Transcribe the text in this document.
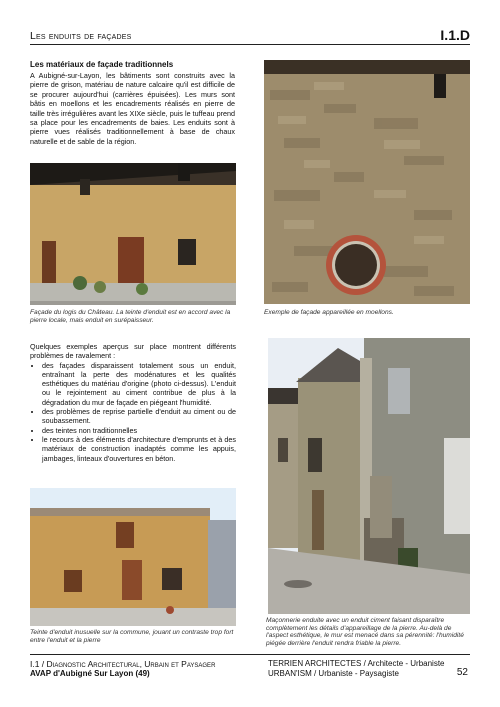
Les enduits de façades	I.1.D
Les matériaux de façade traditionnels
A Aubigné-sur-Layon, les bâtiments sont construits avec la pierre de grison, matériau de nature calcaire qu'il est difficile de se procurer aujourd'hui (carrières épuisées). Les murs sont bâtis en moellons et les encadrements réalisés en pierre de taille très irrégulières avant les XIXe siècle, puis le tuffeau prend sa place pour les encadrements de baies. Les enduits sont à pierre vues réalisés traditionnellement à base de chaux naturelle et de sable de la région.
Façade du logis du Château. La teinte d'enduit est en accord avec la pierre locale, mais enduit en surépaisseur.
Exemple de façade appareillée en moellons.
Quelques exemples aperçus sur place montrent différents problèmes de ravalement :
• des façades disparaissent totalement sous un enduit, entraînant la perte des modénatures et les qualités esthétiques du matériau d'origine (photo ci-dessus). L'enduit ou le rejointement au ciment contribue de plus à la dégradation du mur de façade en piégeant l'humidité.
• des problèmes de reprise partielle d'enduit au ciment ou de soubassement.
• des teintes non traditionnelles
• le recours à des éléments d'architecture d'emprunts et à des matériaux de construction inadaptés comme les appuis, jambages, linteaux d'ouvertures en béton.
Teinte d'enduit inusuelle sur la commune, jouant un contraste trop fort entre l'enduit et la pierre
Maçonnerie enduite avec un enduit ciment faisant disparaître complètement les détails d'appareillage de la pierre. Au-delà de l'aspect esthétique, le mur est menacé dans sa pérennité: l'humidité piégée derrière l'enduit rendra friable la pierre.
I.1 / Diagnostic Architectural, Urbain et Paysager
AVAP d'Aubigné Sur Layon (49)
TERRIEN ARCHITECTES / Architecte - Urbaniste
URBAN'ISM / Urbaniste - Paysagiste	52
